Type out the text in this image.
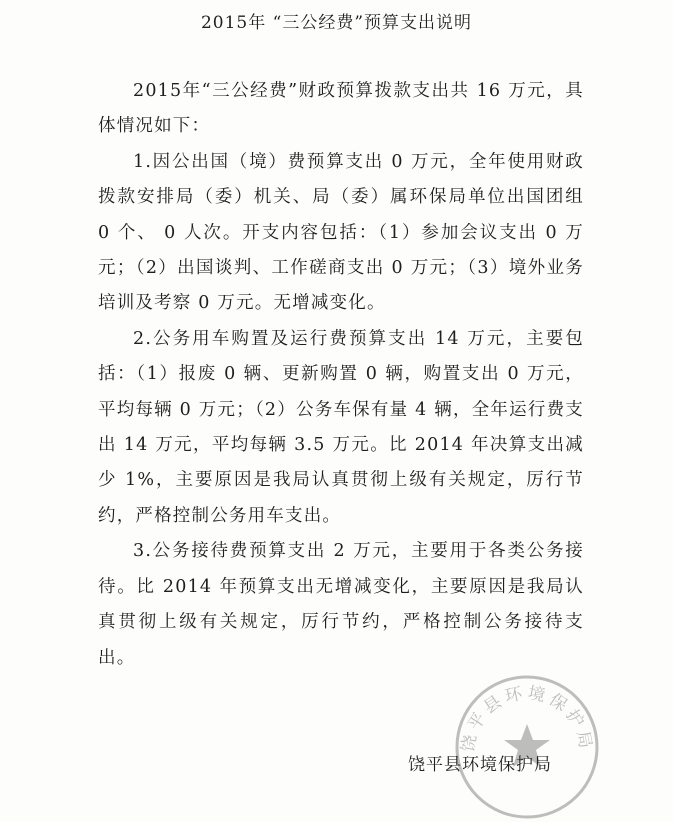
2015年 “三公经费”预算支出说明

2015年“三公经费”财政预算拨款支出共 16 万元，具体情况如下：

1.因公出国（境）费预算支出 0 万元，全年使用财政拨款安排局（委）机关、局（委）属环保局单位出国团组 0 个、 0 人次。开支内容包括：（1）参加会议支出 0 万元；（2）出国谈判、工作磋商支出 0 万元；（3）境外业务培训及考察 0 万元。无增减变化。

2.公务用车购置及运行费预算支出 14 万元，主要包括：（1）报废 0 辆、更新购置 0 辆，购置支出 0 万元，平均每辆 0 万元；（2）公务车保有量 4 辆，全年运行费支出 14 万元，平均每辆 3.5 万元。比 2014 年决算支出减少 1%，主要原因是我局认真贯彻上级有关规定，厉行节约，严格控制公务用车支出。

3.公务接待费预算支出 2 万元，主要用于各类公务接待。比 2014 年预算支出无增减变化，主要原因是我局认真贯彻上级有关规定，厉行节约，严格控制公务接待支出。

饶平县环境保护局
饶平县环境保护局
